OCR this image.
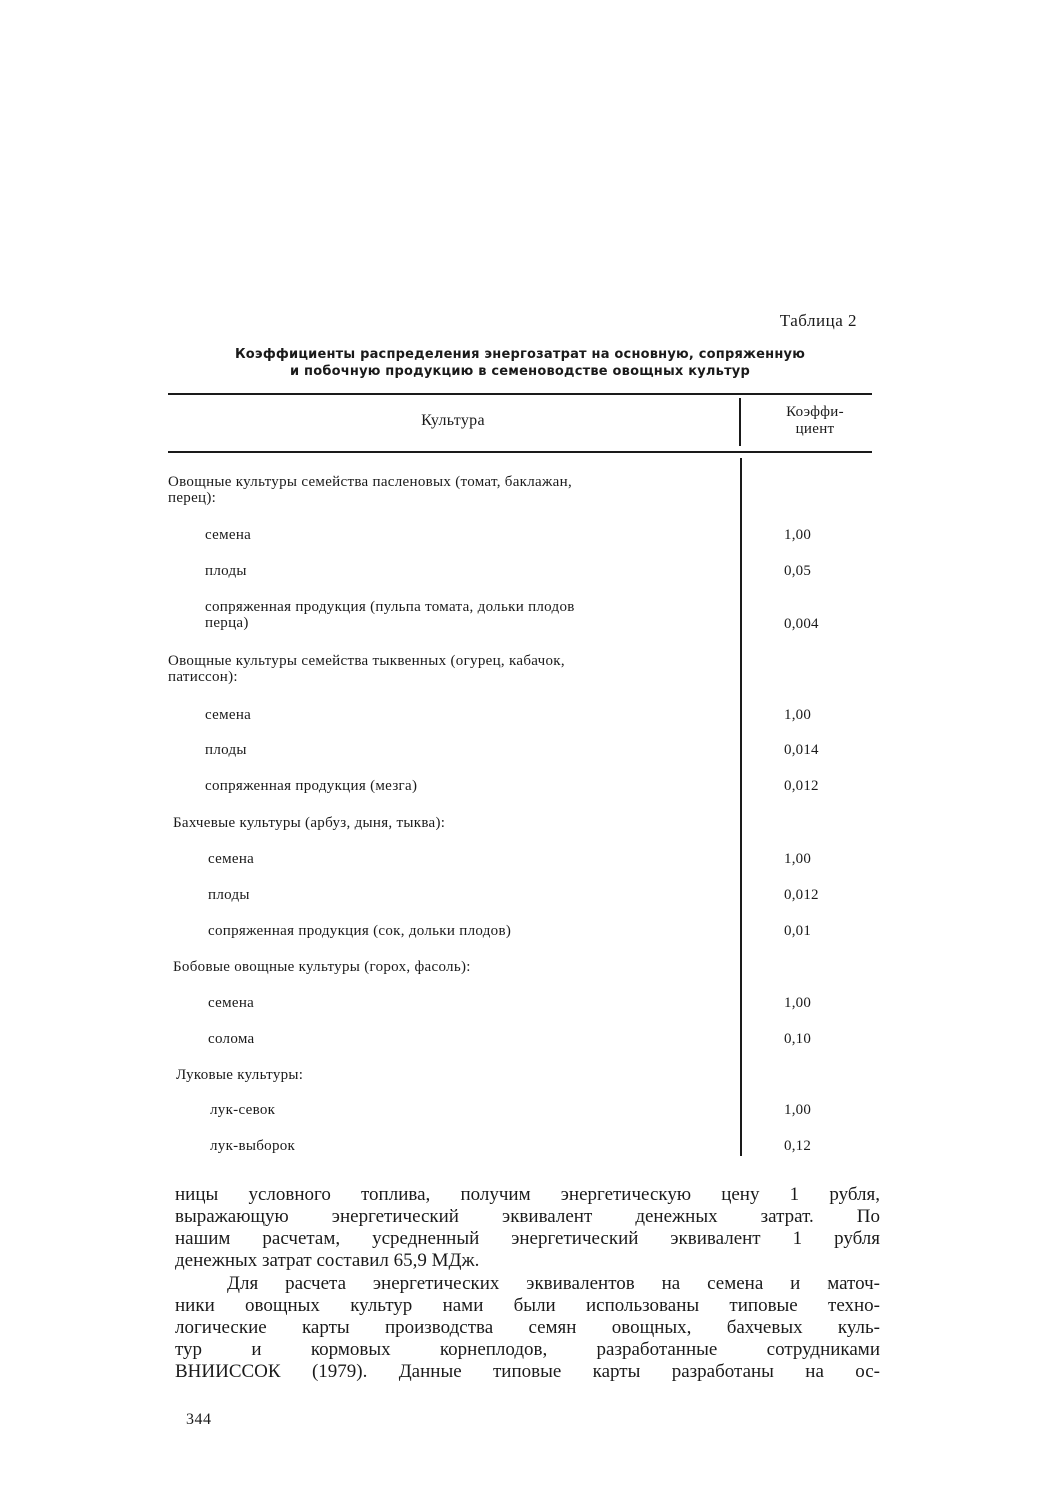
Таблица 2
Коэффициенты распределения энергозатрат на основную, сопряженную
и побочную продукцию в семеноводстве овощных культур
Культура	Коэффи-
циент
Овощные культуры семейства пасленовых (томат, баклажан,
перец):
семена	1,00
плоды	0,05
сопряженная продукция (пульпа томата, дольки плодов
перца)	0,004
Овощные культуры семейства тыквенных (огурец, кабачок,
патиссон):
семена	1,00
плоды	0,014
сопряженная продукция (мезга)	0,012
Бахчевые культуры (арбуз, дыня, тыква):
семена	1,00
плоды	0,012
сопряженная продукция (сок, дольки плодов)	0,01
Бобовые овощные культуры (горох, фасоль):
семена	1,00
солома	0,10
Луковые культуры:
лук-севок	1,00
лук-выборок	0,12
ницы условного топлива, получим энергетическую цену 1 рубля,
выражающую энергетический эквивалент денежных затрат. По
нашим расчетам, усредненный энергетический эквивалент 1 рубля
денежных затрат составил 65,9 МДж.
Для расчета энергетических эквивалентов на семена и маточ-
ники овощных культур нами были использованы типовые техно-
логические карты производства семян овощных, бахчевых куль-
тур и кормовых корнеплодов, разработанные сотрудниками
ВНИИССОК (1979). Данные типовые карты разработаны на ос-
344
